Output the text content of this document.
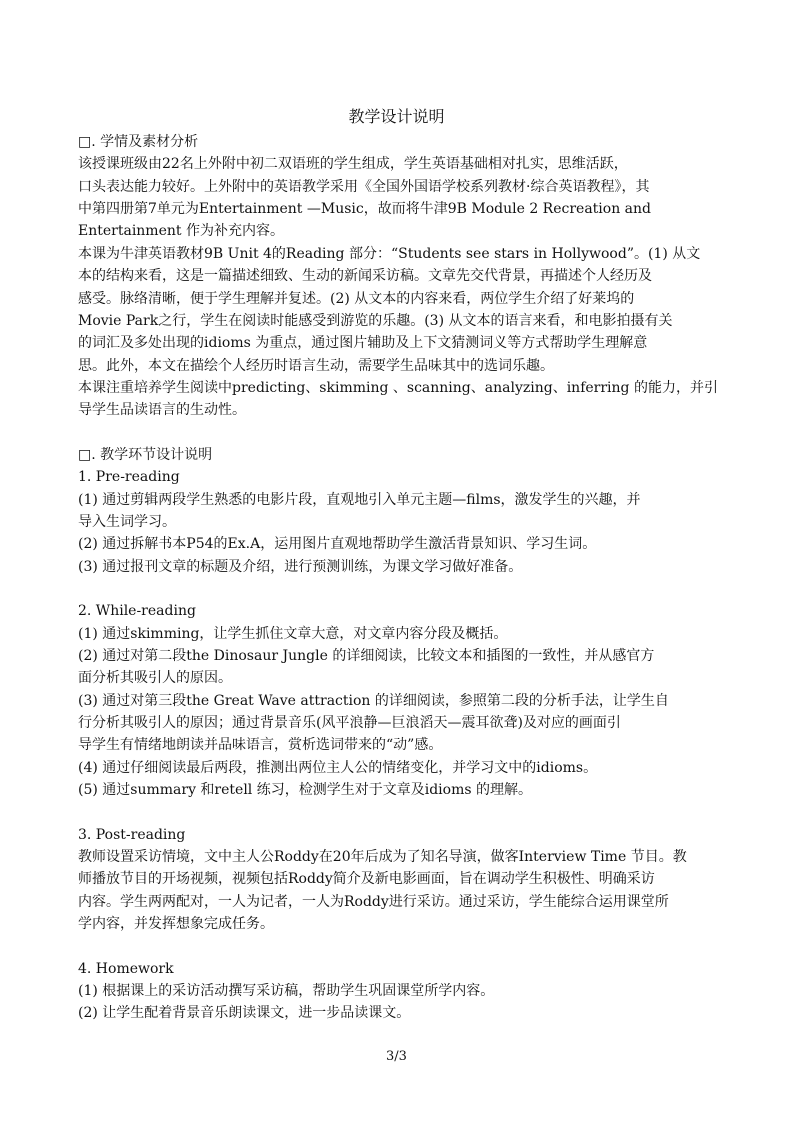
教学设计说明
□. 学情及素材分析
该授课班级由22名上外附中初二双语班的学生组成，学生英语基础相对扎实，思维活跃，
口头表达能力较好。上外附中的英语教学采用《全国外国语学校系列教材·综合英语教程》，其
中第四册第7单元为Entertainment —Music，故而将牛津9B Module 2 Recreation and
Entertainment 作为补充内容。
本课为牛津英语教材9B Unit 4的Reading 部分：“Students see stars in Hollywood”。(1) 从文
本的结构来看，这是一篇描述细致、生动的新闻采访稿。文章先交代背景，再描述个人经历及
感受。脉络清晰，便于学生理解并复述。(2) 从文本的内容来看，两位学生介绍了好莱坞的
Movie Park之行，学生在阅读时能感受到游览的乐趣。(3) 从文本的语言来看，和电影拍摄有关
的词汇及多处出现的idioms 为重点，通过图片辅助及上下文猜测词义等方式帮助学生理解意
思。此外，本文在描绘个人经历时语言生动，需要学生品味其中的选词乐趣。
本课注重培养学生阅读中predicting、skimming 、scanning、analyzing、inferring 的能力，并引
导学生品读语言的生动性。
□. 教学环节设计说明
1. Pre-reading
(1) 通过剪辑两段学生熟悉的电影片段，直观地引入单元主题—films，激发学生的兴趣，并
导入生词学习。
(2) 通过拆解书本P54的Ex.A，运用图片直观地帮助学生激活背景知识、学习生词。
(3) 通过报刊文章的标题及介绍，进行预测训练，为课文学习做好准备。
2. While-reading
(1) 通过skimming，让学生抓住文章大意，对文章内容分段及概括。
(2) 通过对第二段the Dinosaur Jungle 的详细阅读，比较文本和插图的一致性，并从感官方
面分析其吸引人的原因。
(3) 通过对第三段the Great Wave attraction 的详细阅读，参照第二段的分析手法，让学生自
行分析其吸引人的原因；通过背景音乐(风平浪静—巨浪滔天—震耳欲聋)及对应的画面引
导学生有情绪地朗读并品味语言，赏析选词带来的“动”感。
(4) 通过仔细阅读最后两段，推测出两位主人公的情绪变化，并学习文中的idioms。
(5) 通过summary 和retell 练习，检测学生对于文章及idioms 的理解。
3. Post-reading
教师设置采访情境，文中主人公Roddy在20年后成为了知名导演，做客Interview Time 节目。教
师播放节目的开场视频，视频包括Roddy简介及新电影画面，旨在调动学生积极性、明确采访
内容。学生两两配对，一人为记者，一人为Roddy进行采访。通过采访，学生能综合运用课堂所
学内容，并发挥想象完成任务。
4. Homework
(1) 根据课上的采访活动撰写采访稿，帮助学生巩固课堂所学内容。
(2) 让学生配着背景音乐朗读课文，进一步品读课文。
3/3
